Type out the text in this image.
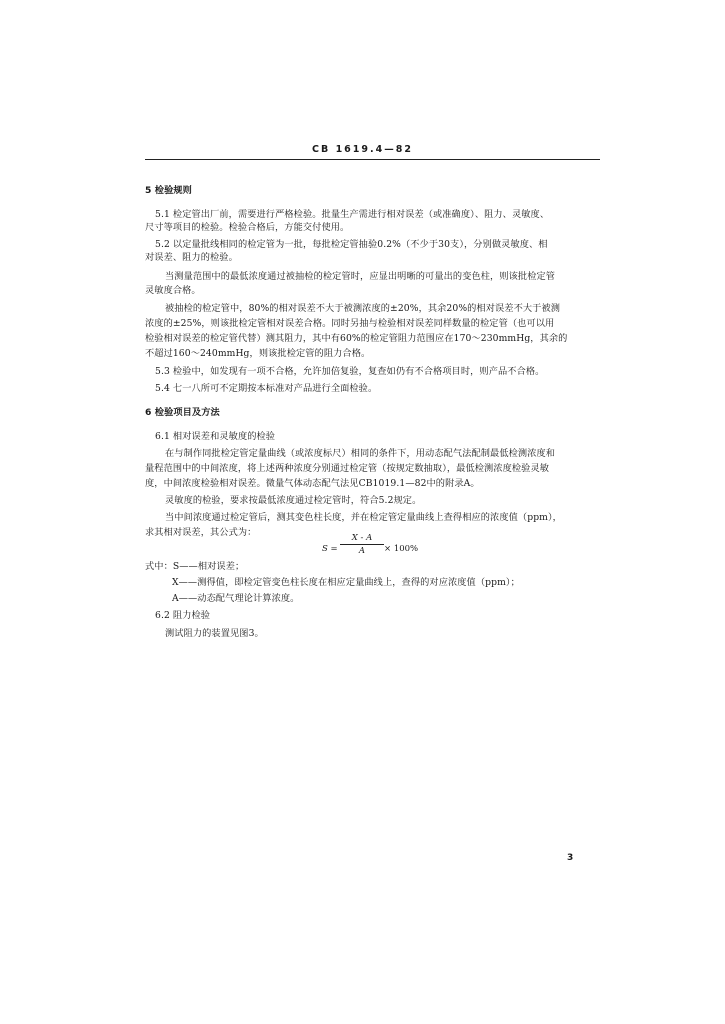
CB 1619.4—82
5 检验规则
5.1 检定管出厂前，需要进行严格检验。批量生产需进行相对误差（或准确度）、阻力、灵敏度、
尺寸等项目的检验。检验合格后，方能交付使用。
5.2 以定量批线相同的检定管为一批，每批检定管抽验0.2%（不少于30支），分别做灵敏度、相
对误差、阻力的检验。
当测量范围中的最低浓度通过被抽检的检定管时，应显出明晰的可量出的变色柱，则该批检定管
灵敏度合格。
被抽检的检定管中，80%的相对误差不大于被测浓度的±20%，其余20%的相对误差不大于被测
浓度的±25%，则该批检定管相对误差合格。同时另抽与检验相对误差同样数量的检定管（也可以用
检验相对误差的检定管代替）测其阻力，其中有60%的检定管阻力范围应在170～230mmHg，其余的
不超过160～240mmHg，则该批检定管的阻力合格。
5.3 检验中，如发现有一项不合格，允许加倍复验，复查如仍有不合格项目时，则产品不合格。
5.4 七一八所可不定期按本标准对产品进行全面检验。
6 检验项目及方法
6.1 相对误差和灵敏度的检验
在与制作同批检定管定量曲线（或浓度标尺）相同的条件下，用动态配气法配制最低检测浓度和
量程范围中的中间浓度，将上述两种浓度分别通过检定管（按规定数抽取），最低检测浓度检验灵敏
度，中间浓度检验相对误差。微量气体动态配气法见CB1019.1—82中的附录A。
灵敏度的检验，要求按最低浓度通过检定管时，符合5.2规定。
当中间浓度通过检定管后，测其变色柱长度，并在检定管定量曲线上查得相应的浓度值（ppm），
求其相对误差，其公式为：
S =
X - A
A	× 100%
式中：S——相对误差；
X——测得值，即检定管变色柱长度在相应定量曲线上，查得的对应浓度值（ppm）；
A——动态配气理论计算浓度。
6.2 阻力检验
测试阻力的装置见图3。
3
